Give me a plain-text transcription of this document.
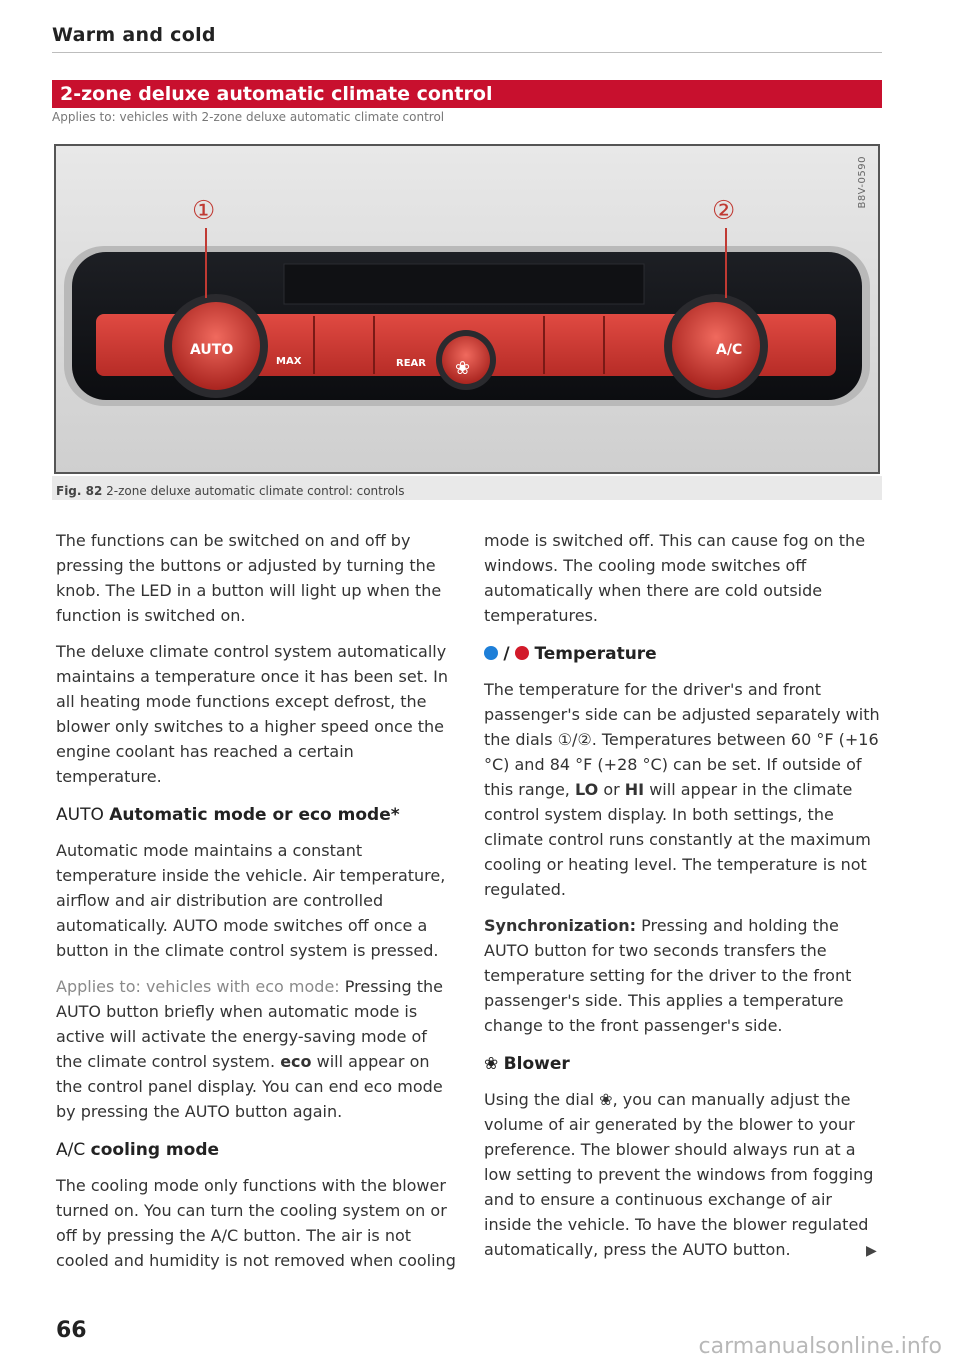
Warm and cold
2-zone deluxe automatic climate control
Applies to: vehicles with 2-zone deluxe automatic climate control
B8V-0590
①	②
AUTO
MAX	REAR
A/C
❀
Fig. 82 2-zone deluxe automatic climate control: controls

The functions can be switched on and off by pressing the buttons or adjusted by turning the knob. The LED in a button will light up when the function is switched on.

The deluxe climate control system automatically maintains a temperature once it has been set. In all heating mode functions except defrost, the blower only switches to a higher speed once the engine coolant has reached a certain temperature.

AUTO Automatic mode or eco mode*

Automatic mode maintains a constant temperature inside the vehicle. Air temperature, airflow and air distribution are controlled automatically. AUTO mode switches off once a button in the climate control system is pressed.

Applies to: vehicles with eco mode: Pressing the AUTO button briefly when automatic mode is active will activate the energy-saving mode of the climate control system. eco will appear on the control panel display. You can end eco mode by pressing the AUTO button again.

A/C cooling mode

The cooling mode only functions with the blower turned on. You can turn the cooling system on or off by pressing the A/C button. The air is not cooled and humidity is not removed when cooling

mode is switched off. This can cause fog on the windows. The cooling mode switches off automatically when there are cold outside temperatures.

/ Temperature

The temperature for the driver's and front passenger's side can be adjusted separately with the dials ①/②. Temperatures between 60 °F (+16 °C) and 84 °F (+28 °C) can be set. If outside of this range, LO or HI will appear in the climate control system display. In both settings, the climate control runs constantly at the maximum cooling or heating level. The temperature is not regulated.

Synchronization: Pressing and holding the AUTO button for two seconds transfers the temperature setting for the driver to the front passenger's side. This applies a temperature change to the front passenger's side.

❀ Blower

Using the dial ❀, you can manually adjust the volume of air generated by the blower to your preference. The blower should always run at a low setting to prevent the windows from fogging and to ensure a continuous exchange of air inside the vehicle. To have the blower regulated automatically, press the AUTO button.	▶
66
carmanualsonline.info
